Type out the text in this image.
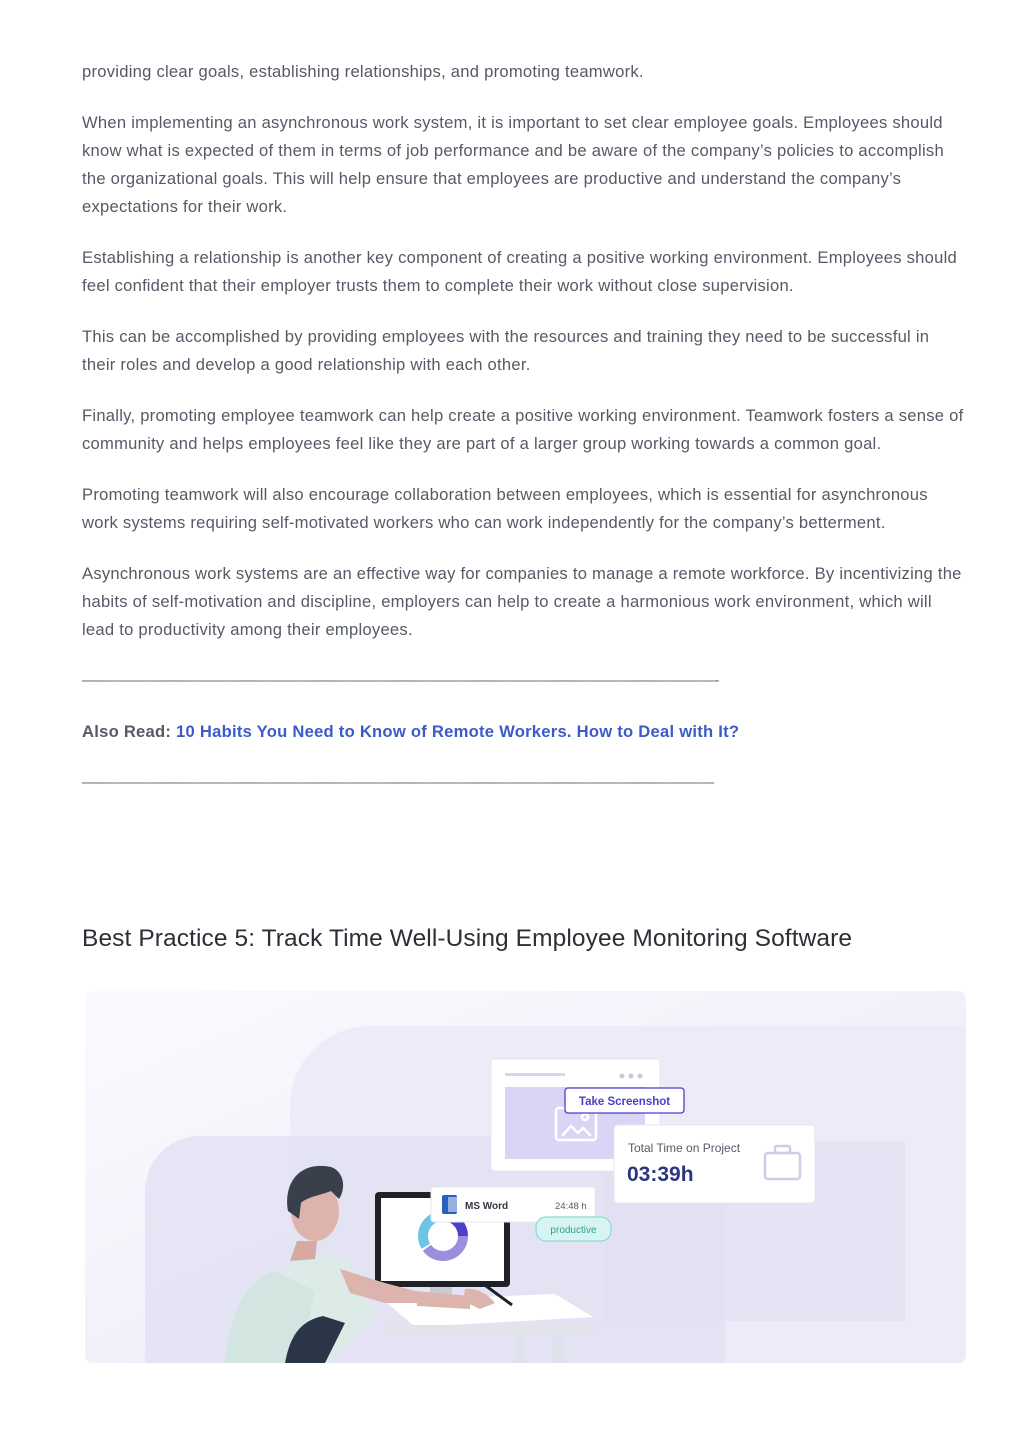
providing clear goals, establishing relationships, and promoting teamwork.

When implementing an asynchronous work system, it is important to set clear employee goals. Employees should know what is expected of them in terms of job performance and be aware of the company’s policies to accomplish the organizational goals. This will help ensure that employees are productive and understand the company’s expectations for their work.

Establishing a relationship is another key component of creating a positive working environment. Employees should feel conﬁdent that their employer trusts them to complete their work without close supervision.

This can be accomplished by providing employees with the resources and training they need to be successful in their roles and develop a good relationship with each other.

Finally, promoting employee teamwork can help create a positive working environment. Teamwork fosters a sense of community and helps employees feel like they are part of a larger group working towards a common goal.

Promoting teamwork will also encourage collaboration between employees, which is essential for asynchronous work systems requiring self-motivated workers who can work independently for the company’s betterment.

Asynchronous work systems are an effective way for companies to manage a remote workforce. By incentivizing the habits of self-motivation and discipline, employers can help to create a harmonious work environment, which will lead to productivity among their employees.

————————————————————————————————————————-

Also Read: 10 Habits You Need to Know of Remote Workers. How to Deal with It?

————————————————————————————————————————
Best Practice 5: Track Time Well-Using Employee Monitoring Software
Take Screenshot
Total Time on Project
03:39h
MS Word	24:48 h
productive
